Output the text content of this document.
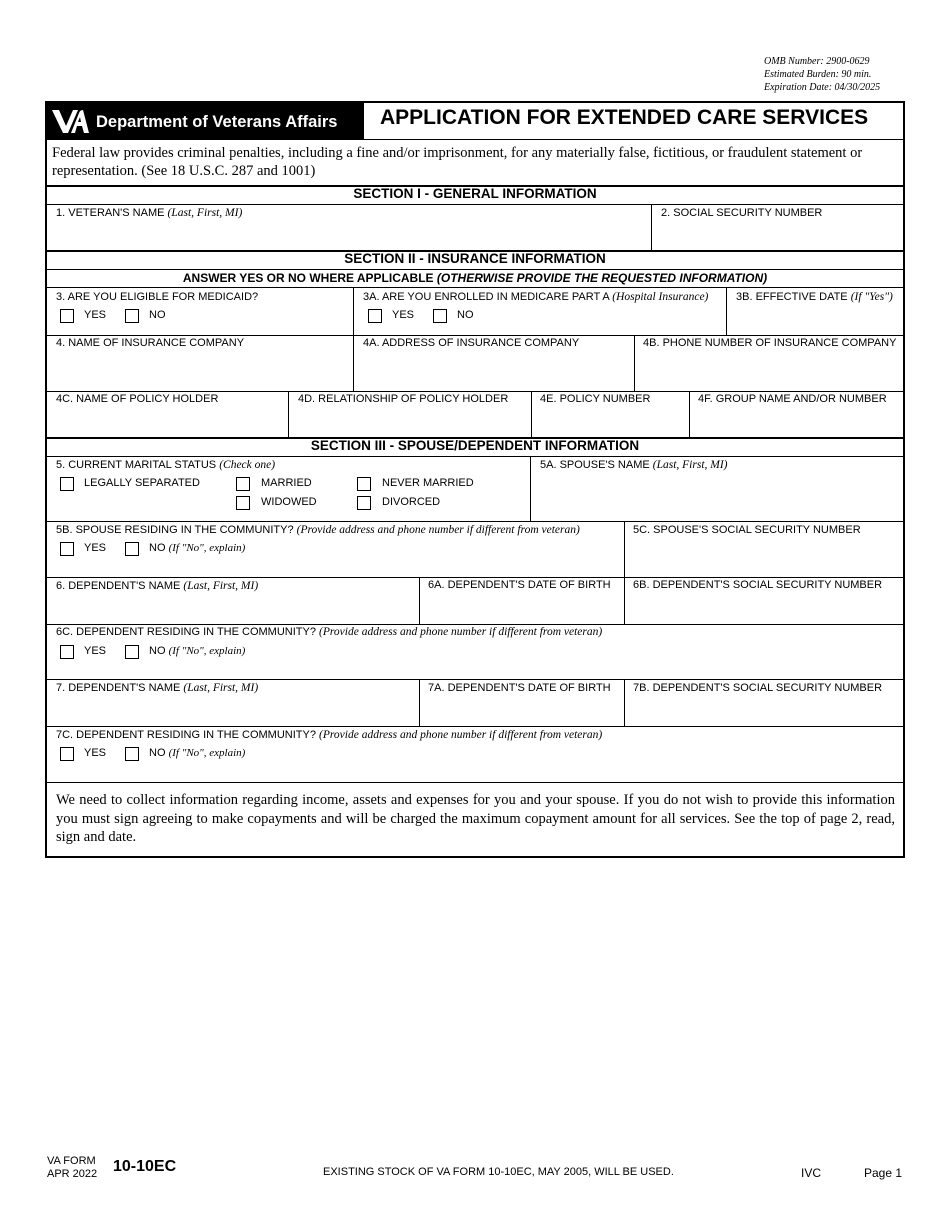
OMB Number: 2900-0629
Estimated Burden: 90 min.
Expiration Date: 04/30/2025
Department of Veterans Affairs APPLICATION FOR EXTENDED CARE SERVICES
Federal law provides criminal penalties, including a fine and/or imprisonment, for any materially false, fictitious, or fraudulent statement or representation. (See 18 U.S.C. 287 and 1001)
SECTION I - GENERAL INFORMATION
1. VETERAN'S NAME (Last, First, MI)	2. SOCIAL SECURITY NUMBER
SECTION II - INSURANCE INFORMATION
ANSWER YES OR NO WHERE APPLICABLE (OTHERWISE PROVIDE THE REQUESTED INFORMATION)
3. ARE YOU ELIGIBLE FOR MEDICAID?
YES	NO
3A. ARE YOU ENROLLED IN MEDICARE PART A (Hospital Insurance)
YES	NO
3B. EFFECTIVE DATE (If "Yes")
4. NAME OF INSURANCE COMPANY	4A. ADDRESS OF INSURANCE COMPANY	4B. PHONE NUMBER OF INSURANCE COMPANY
4C. NAME OF POLICY HOLDER	4D. RELATIONSHIP OF POLICY HOLDER	4E. POLICY NUMBER	4F. GROUP NAME AND/OR NUMBER
SECTION III - SPOUSE/DEPENDENT INFORMATION
5. CURRENT MARITAL STATUS (Check one)
LEGALLY SEPARATED	MARRIED	NEVER MARRIED
WIDOWED	DIVORCED
5A. SPOUSE'S NAME (Last, First, MI)
5B. SPOUSE RESIDING IN THE COMMUNITY? (Provide address and phone number if different from veteran)
YES	NO (If "No", explain)
5C. SPOUSE'S SOCIAL SECURITY NUMBER
6. DEPENDENT'S NAME (Last, First, MI)	6A. DEPENDENT'S DATE OF BIRTH 6B. DEPENDENT'S SOCIAL SECURITY NUMBER
6C. DEPENDENT RESIDING IN THE COMMUNITY? (Provide address and phone number if different from veteran)
YES	NO (If "No", explain)
7. DEPENDENT'S NAME (Last, First, MI)	7A. DEPENDENT'S DATE OF BIRTH 7B. DEPENDENT'S SOCIAL SECURITY NUMBER
7C. DEPENDENT RESIDING IN THE COMMUNITY? (Provide address and phone number if different from veteran)
YES	NO (If "No", explain)
We need to collect information regarding income, assets and expenses for you and your spouse. If you do not wish to provide this information you must sign agreeing to make copayments and will be charged the maximum copayment amount for all services. See the top of page 2, read, sign and date.
VA FORM
APR 2022 10-10EC	EXISTING STOCK OF VA FORM 10-10EC, MAY 2005, WILL BE USED.	IVC	Page 1
